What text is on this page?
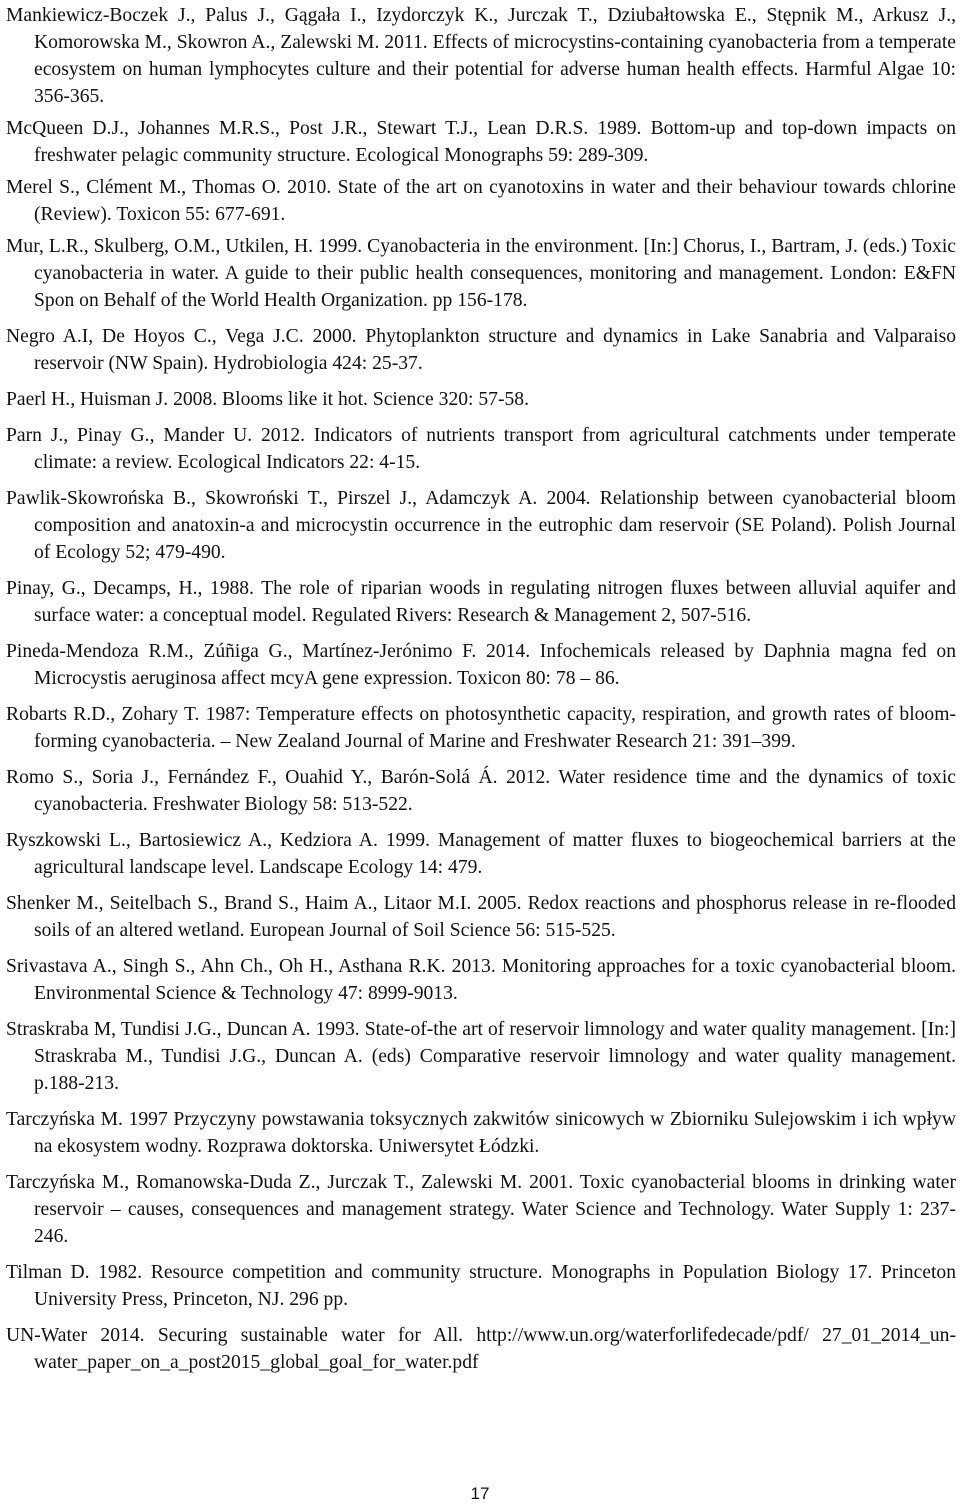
Mankiewicz-Boczek J., Palus J., Gągała I., Izydorczyk K., Jurczak T., Dziubałtowska E., Stępnik M., Arkusz J., Komorowska M., Skowron A., Zalewski M. 2011. Effects of microcystins-containing cyanobacteria from a temperate ecosystem on human lymphocytes culture and their potential for adverse human health effects. Harmful Algae 10: 356-365.

McQueen D.J., Johannes M.R.S., Post J.R., Stewart T.J., Lean D.R.S. 1989. Bottom-up and top-down impacts on freshwater pelagic community structure. Ecological Monographs 59: 289-309.

Merel S., Clément M., Thomas O. 2010. State of the art on cyanotoxins in water and their behaviour towards chlorine (Review). Toxicon 55: 677-691.

Mur, L.R., Skulberg, O.M., Utkilen, H. 1999. Cyanobacteria in the environment. [In:] Chorus, I., Bartram, J. (eds.) Toxic cyanobacteria in water. A guide to their public health consequences, monitoring and management. London: E&FN Spon on Behalf of the World Health Organization. pp 156-178.

Negro A.I, De Hoyos C., Vega J.C. 2000. Phytoplankton structure and dynamics in Lake Sanabria and Valparaiso reservoir (NW Spain). Hydrobiologia 424: 25-37.

Paerl H., Huisman J. 2008. Blooms like it hot. Science 320: 57-58.

Parn J., Pinay G., Mander U. 2012. Indicators of nutrients transport from agricultural catchments under temperate climate: a review. Ecological Indicators 22: 4-15.

Pawlik-Skowrońska B., Skowroński T., Pirszel J., Adamczyk A. 2004. Relationship between cyanobacterial bloom composition and anatoxin-a and microcystin occurrence in the eutrophic dam reservoir (SE Poland). Polish Journal of Ecology 52; 479-490.

Pinay, G., Decamps, H., 1988. The role of riparian woods in regulating nitrogen fluxes between alluvial aquifer and surface water: a conceptual model. Regulated Rivers: Research & Management 2, 507-516.

Pineda-Mendoza R.M., Zúñiga G., Martínez-Jerónimo F. 2014. Infochemicals released by Daphnia magna fed on Microcystis aeruginosa affect mcyA gene expression. Toxicon 80: 78 – 86.

Robarts R.D., Zohary T. 1987: Temperature effects on photosynthetic capacity, respiration, and growth rates of bloom- forming cyanobacteria. – New Zealand Journal of Marine and Freshwater Research 21: 391–399.

Romo S., Soria J., Fernández F., Ouahid Y., Barón-Solá Á. 2012. Water residence time and the dynamics of toxic cyanobacteria. Freshwater Biology 58: 513-522.

Ryszkowski L., Bartosiewicz A., Kedziora A. 1999. Management of matter fluxes to biogeochemical barriers at the agricultural landscape level. Landscape Ecology 14: 479.

Shenker M., Seitelbach S., Brand S., Haim A., Litaor M.I. 2005. Redox reactions and phosphorus release in re-flooded soils of an altered wetland. European Journal of Soil Science 56: 515-525.

Srivastava A., Singh S., Ahn Ch., Oh H., Asthana R.K. 2013. Monitoring approaches for a toxic cyanobacterial bloom. Environmental Science & Technology 47: 8999-9013.

Straskraba M, Tundisi J.G., Duncan A. 1993. State-of-the art of reservoir limnology and water quality management. [In:] Straskraba M., Tundisi J.G., Duncan A. (eds) Comparative reservoir limnology and water quality management. p.188-213.

Tarczyńska M. 1997 Przyczyny powstawania toksycznych zakwitów sinicowych w Zbiorniku Sulejowskim i ich wpływ na ekosystem wodny. Rozprawa doktorska. Uniwersytet Łódzki.

Tarczyńska M., Romanowska-Duda Z., Jurczak T., Zalewski M. 2001. Toxic cyanobacterial blooms in drinking water reservoir – causes, consequences and management strategy. Water Science and Technology. Water Supply 1: 237-246.

Tilman D. 1982. Resource competition and community structure. Monographs in Population Biology 17. Princeton University Press, Princeton, NJ. 296 pp.

UN-Water 2014. Securing sustainable water for All. http://www.un.org/waterforlifedecade/pdf/ 27_01_2014_un-water_paper_on_a_post2015_global_goal_for_water.pdf

17
